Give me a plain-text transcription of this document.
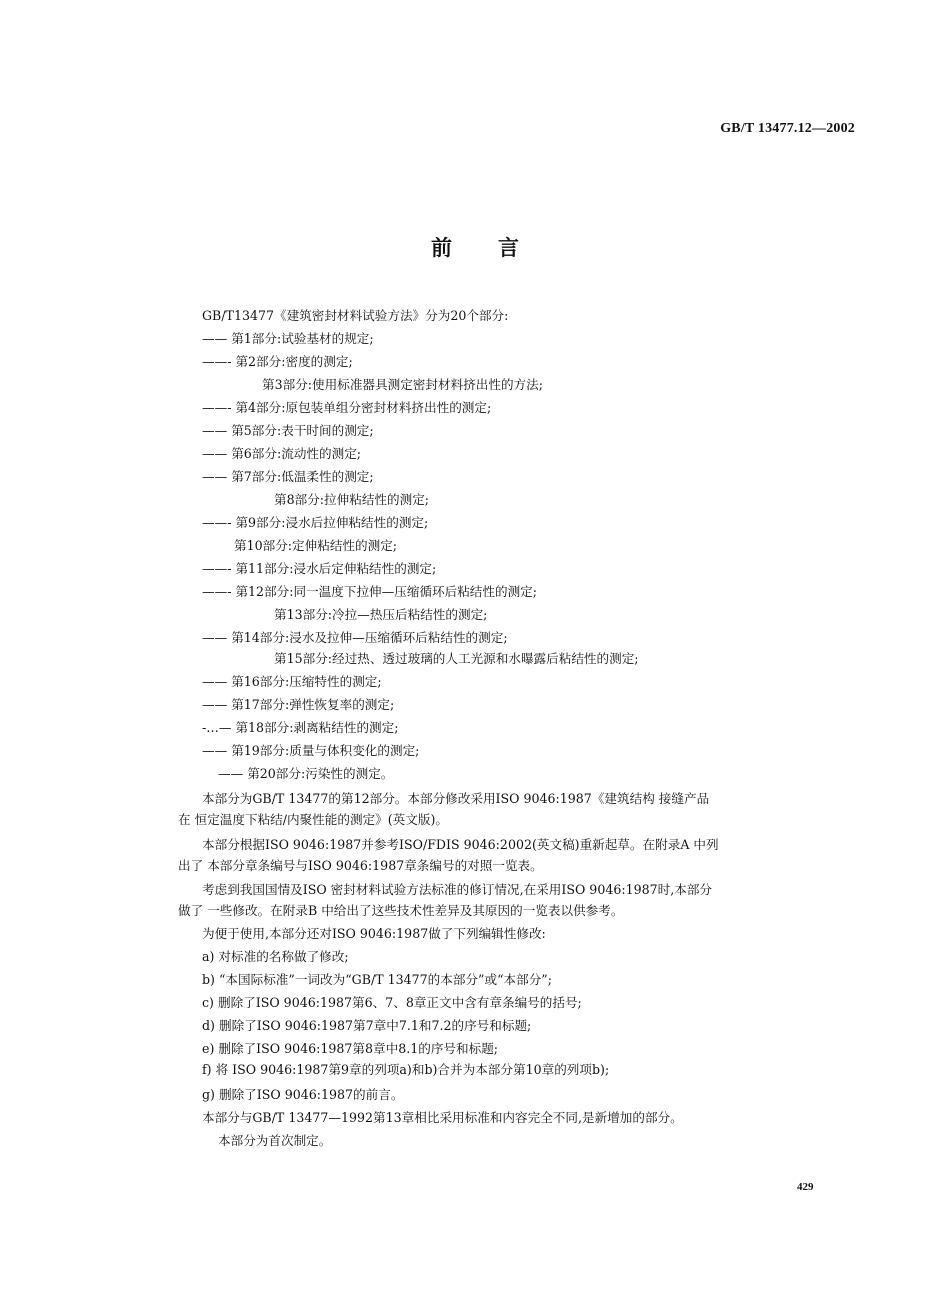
GB/T 13477.12—2002
前言
GB/T13477《建筑密封材料试验方法》分为20个部分:
—— 第1部分:试验基材的规定;
——- 第2部分:密度的测定;
第3部分:使用标准器具测定密封材料挤出性的方法;
——- 第4部分:原包装单组分密封材料挤出性的测定;
—— 第5部分:表干时间的测定;
—— 第6部分:流动性的测定;
—— 第7部分:低温柔性的测定;
第8部分:拉伸粘结性的测定;
——- 第9部分:浸水后拉伸粘结性的测定;
第10部分:定伸粘结性的测定;
——- 第11部分:浸水后定伸粘结性的测定;
——- 第12部分:同一温度下拉伸—压缩循环后粘结性的测定;
第13部分:冷拉—热压后粘结性的测定;
—— 第14部分:浸水及拉伸—压缩循环后粘结性的测定;
第15部分:经过热、透过玻璃的人工光源和水曝露后粘结性的测定;
—— 第16部分:压缩特性的测定;
—— 第17部分:弹性恢复率的测定;
-…— 第18部分:剥离粘结性的测定;
—— 第19部分:质量与体积变化的测定;
—— 第20部分:污染性的测定。
本部分为GB/T 13477的第12部分。本部分修改采用ISO 9046:1987《建筑结构 接缝产品
在 恒定温度下粘结/内聚性能的测定》(英文版)。
本部分根据ISO 9046:1987并参考ISO/FDIS 9046:2002(英文稿)重新起草。在附录A 中列
出了 本部分章条编号与ISO 9046:1987章条编号的对照一览表。
考虑到我国国情及ISO 密封材料试验方法标准的修订情况,在采用ISO 9046:1987时,本部分
做了 一些修改。在附录B 中给出了这些技术性差异及其原因的一览表以供参考。
为便于使用,本部分还对ISO 9046:1987做了下列编辑性修改:
a) 对标准的名称做了修改;
b) “本国际标准”一词改为“GB/T 13477的本部分”或“本部分”;
c) 删除了ISO 9046:1987第6、7、8章正文中含有章条编号的括号;
d) 删除了ISO 9046:1987第7章中7.1和7.2的序号和标题;
e) 删除了ISO 9046:1987第8章中8.1的序号和标题;
f) 将 ISO 9046:1987第9章的列项a)和b)合并为本部分第10章的列项b);
g) 删除了ISO 9046:1987的前言。
本部分与GB/T 13477—1992第13章相比采用标准和内容完全不同,是新增加的部分。
本部分为首次制定。
429
